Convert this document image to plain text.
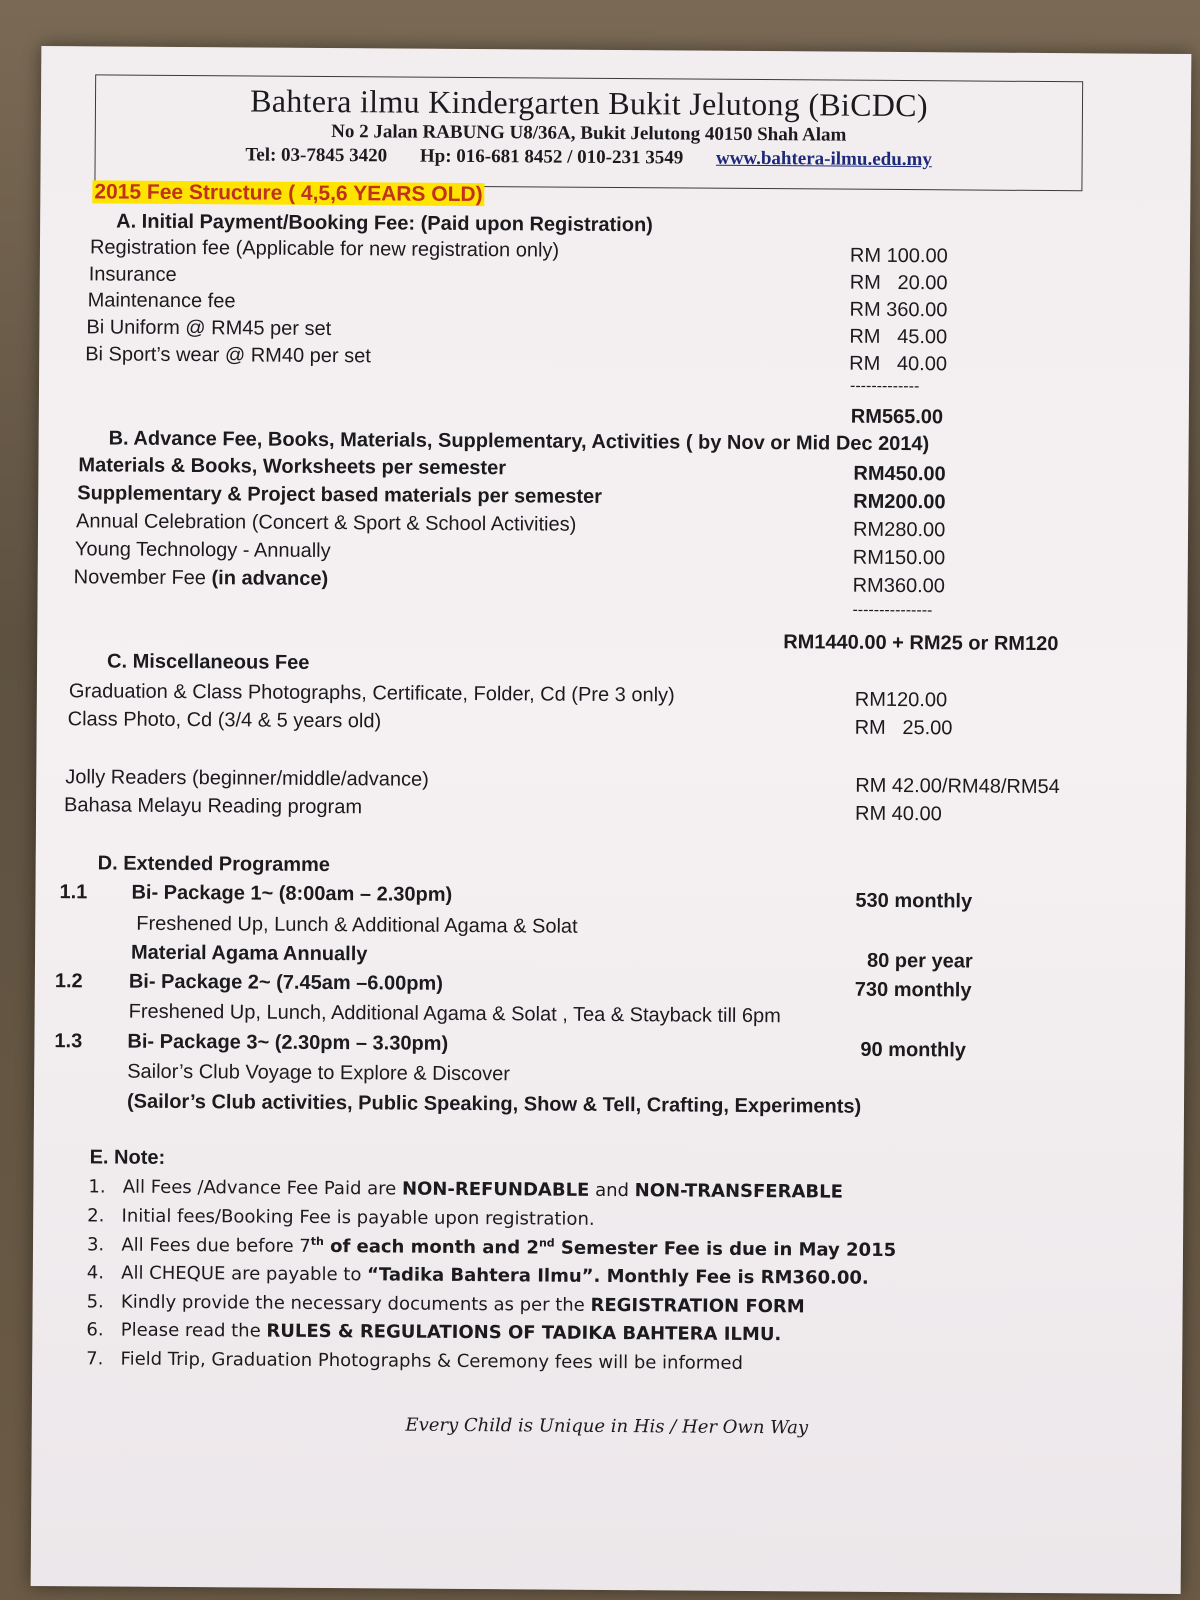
Bahtera ilmu Kindergarten Bukit Jelutong (BiCDC)
No 2 Jalan RABUNG U8/36A, Bukit Jelutong 40150 Shah Alam
Tel: 03-7845 3420 Hp: 016-681 8452 / 010-231 3549 www.bahtera-ilmu.edu.my
2015 Fee Structure ( 4,5,6 YEARS OLD)
A. Initial Payment/Booking Fee: (Paid upon Registration)
Registration fee (Applicable for new registration only)	RM 100.00
Insurance	RM   20.00
Maintenance fee	RM 360.00
Bi Uniform @ RM45 per set	RM   45.00
Bi Sport’s wear @ RM40 per set	RM   40.00
-------------
RM565.00
B. Advance Fee, Books, Materials, Supplementary, Activities ( by Nov or Mid Dec 2014)
Materials & Books, Worksheets per semester	RM450.00
Supplementary & Project based materials per semester	RM200.00
Annual Celebration (Concert & Sport & School Activities)	RM280.00
Young Technology - Annually	RM150.00
November Fee (in advance)	RM360.00
---------------
RM1440.00 + RM25 or RM120
C. Miscellaneous Fee
Graduation & Class Photographs, Certificate, Folder, Cd (Pre 3 only)	RM120.00
Class Photo, Cd (3/4 & 5 years old)	RM   25.00
Jolly Readers (beginner/middle/advance)	RM 42.00/RM48/RM54
Bahasa Melayu Reading program	RM 40.00
D. Extended Programme
1.1 Bi- Package 1~ (8:00am – 2.30pm)	530 monthly
Freshened Up, Lunch & Additional Agama & Solat
Material Agama Annually	80 per year
1.2 Bi- Package 2~ (7.45am –6.00pm)	730 monthly
Freshened Up, Lunch, Additional Agama & Solat , Tea & Stayback till 6pm
1.3 Bi- Package 3~ (2.30pm – 3.30pm)	90 monthly
Sailor’s Club Voyage to Explore & Discover
(Sailor’s Club activities, Public Speaking, Show & Tell, Crafting, Experiments)
E. Note:
1.   All Fees /Advance Fee Paid are NON-REFUNDABLE and NON-TRANSFERABLE
2.   Initial fees/Booking Fee is payable upon registration.
3.   All Fees due before 7th of each month and 2nd Semester Fee is due in May 2015
4.   All CHEQUE are payable to “Tadika Bahtera Ilmu”. Monthly Fee is RM360.00.
5.   Kindly provide the necessary documents as per the REGISTRATION FORM
6.   Please read the RULES & REGULATIONS OF TADIKA BAHTERA ILMU.
7.   Field Trip, Graduation Photographs & Ceremony fees will be informed
Every Child is Unique in His / Her Own Way
